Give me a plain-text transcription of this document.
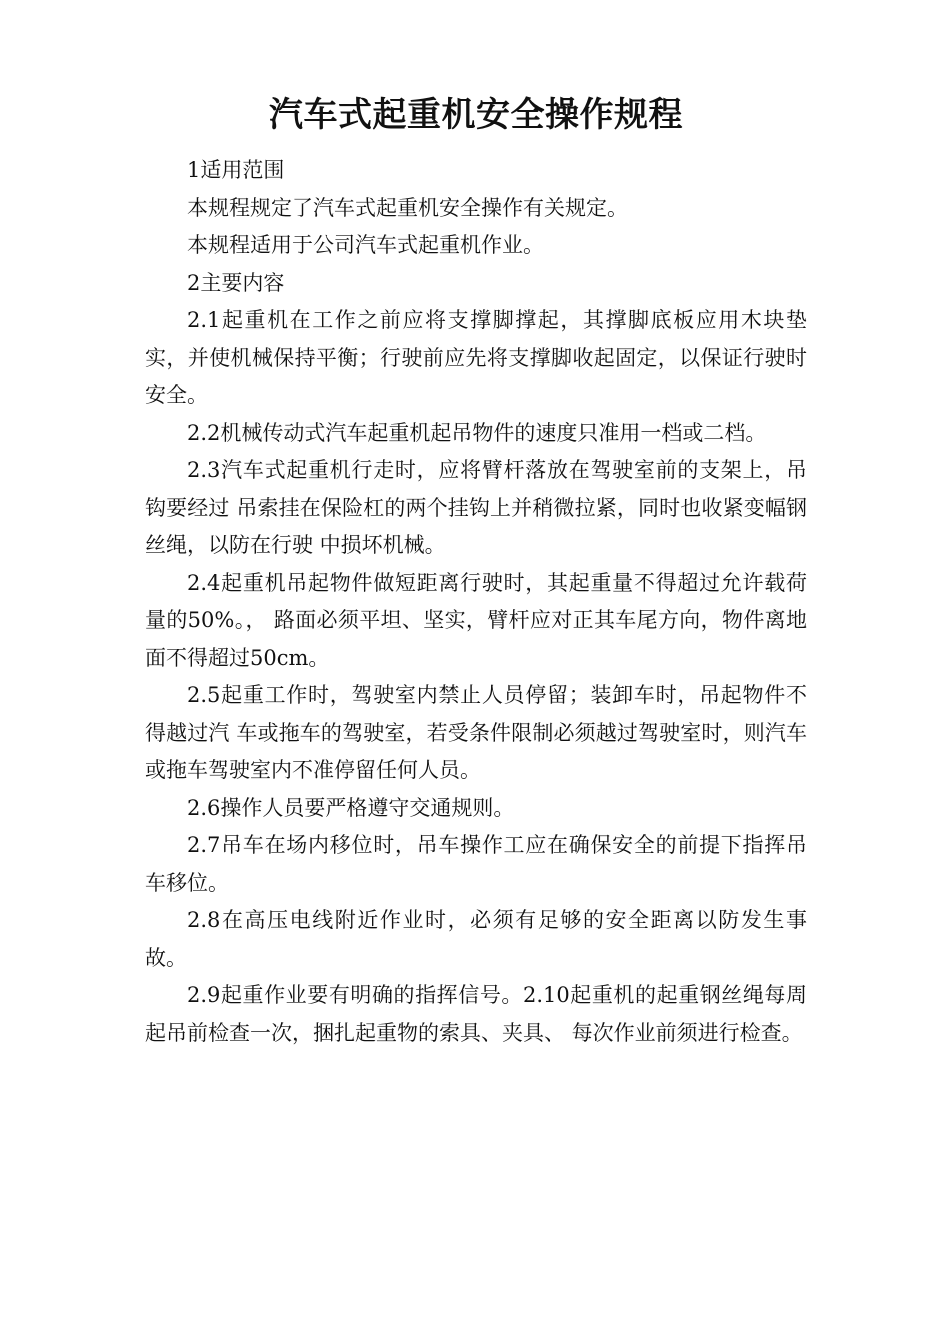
汽车式起重机安全操作规程

1适用范围

本规程规定了汽车式起重机安全操作有关规定。

本规程适用于公司汽车式起重机作业。

2主要内容

2.1起重机在工作之前应将支撑脚撑起，其撑脚底板应用木块垫实，并使机械保持平衡；行驶前应先将支撑脚收起固定，以保证行驶时安全。

2.2机械传动式汽车起重机起吊物件的速度只准用一档或二档。

2.3汽车式起重机行走时，应将臂杆落放在驾驶室前的支架上，吊钩要经过 吊索挂在保险杠的两个挂钩上并稍微拉紧，同时也收紧变幅钢丝绳，以防在行驶 中损坏机械。

2.4起重机吊起物件做短距离行驶时，其起重量不得超过允许载荷量的50%。， 路面必须平坦、坚实，臂杆应对正其车尾方向，物件离地面不得超过50cm。

2.5起重工作时，驾驶室内禁止人员停留；装卸车时，吊起物件不得越过汽 车或拖车的驾驶室，若受条件限制必须越过驾驶室时，则汽车或拖车驾驶室内不准停留任何人员。

2.6操作人员要严格遵守交通规则。

2.7吊车在场内移位时，吊车操作工应在确保安全的前提下指挥吊车移位。

2.8在高压电线附近作业时，必须有足够的安全距离以防发生事故。

2.9起重作业要有明确的指挥信号。2.10起重机的起重钢丝绳每周起吊前检查一次，捆扎起重物的索具、夹具、 每次作业前须进行检查。
